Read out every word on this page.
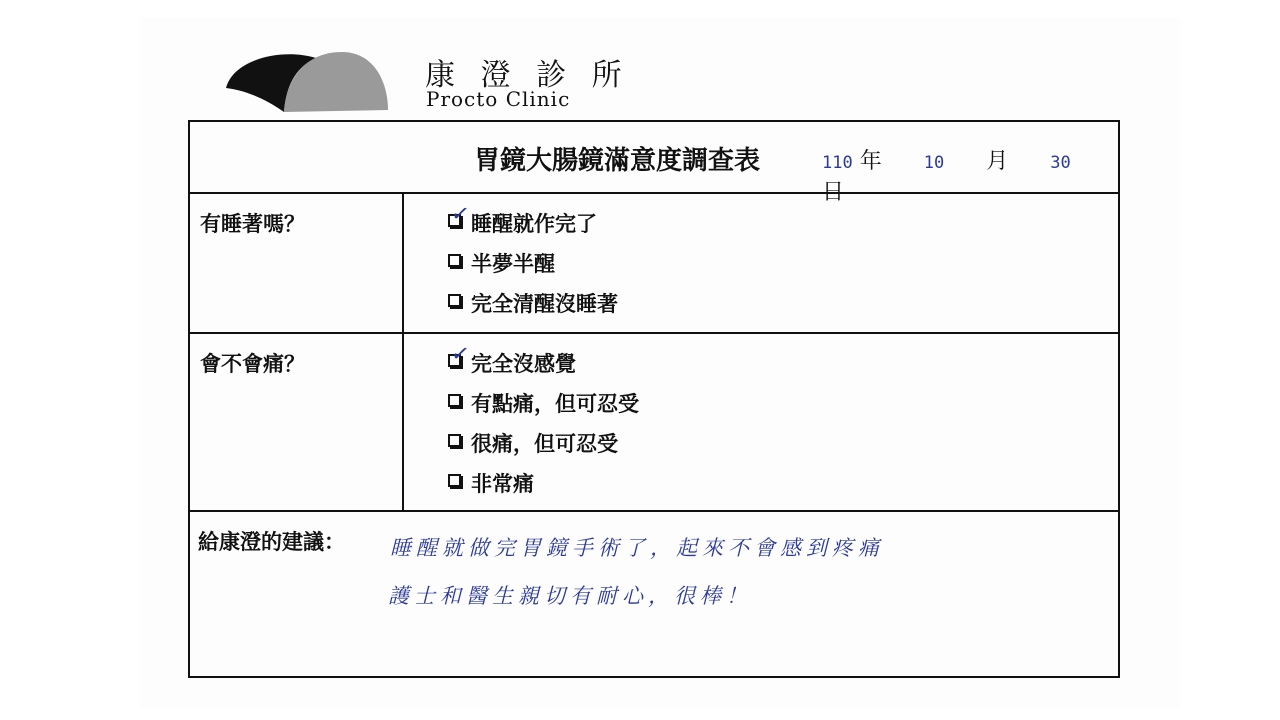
康 澄 診 所
Procto Clinic
胃鏡大腸鏡滿意度調查表	110 年 10 月 30  日
有睡著嗎？	✓ 睡醒就作完了
半夢半醒
完全清醒沒睡著
會不會痛？	✓ 完全沒感覺
有點痛，但可忍受
很痛，但可忍受
非常痛
給康澄的建議： 睡醒就做完胃鏡手術了，起來不會感到疼痛
護士和醫生親切有耐心，很棒！
